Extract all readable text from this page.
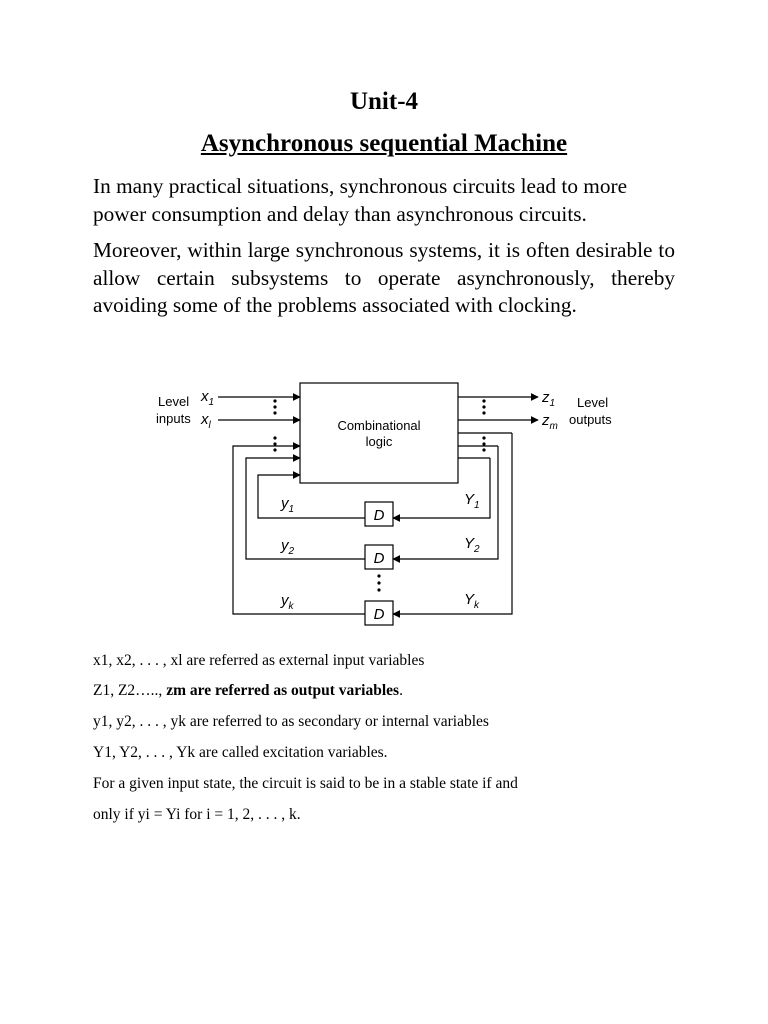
Unit-4
Asynchronous sequential Machine
In many practical situations, synchronous circuits lead to more power consumption and delay than asynchronous circuits.
Moreover, within large synchronous systems, it is often desirable to allow certain subsystems to operate asynchronously, thereby avoiding some of the problems associated with clocking.
Level
inputs
$x_1$
$x_l$	Combinational
logic
$z_1$
$z_m$
Level
outputs
$y_1$
$y_2$
$y_k$
$Y_1$
$Y_2$
$Y_k$
D
D
D
x1, x2, . . . , xl are referred as external input variables
Z1, Z2….., zm are referred as output variables.
y1, y2, . . . , yk are referred to as secondary or internal variables
Y1, Y2, . . . , Yk are called excitation variables.
For a given input state, the circuit is said to be in a stable state if and
only if yi = Yi for i = 1, 2, . . . , k.
